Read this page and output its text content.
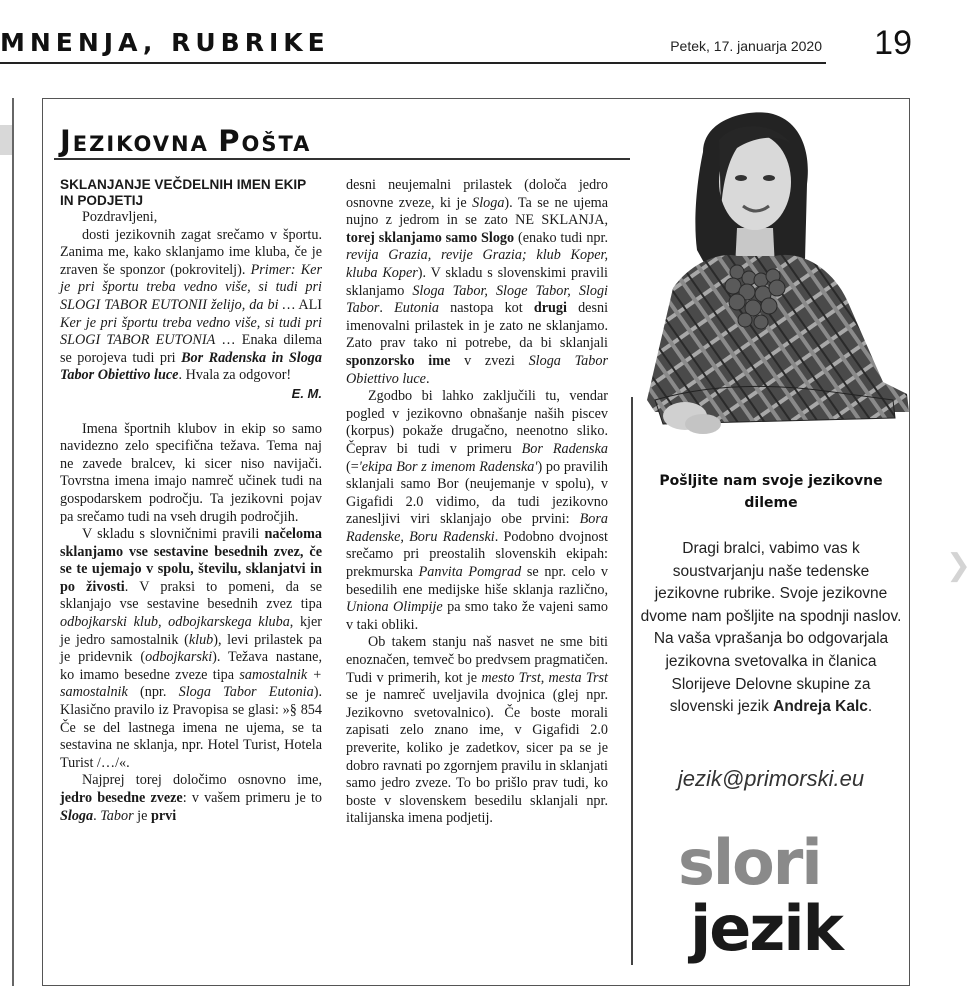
MNENJA, RUBRIKE	Petek, 17. januarja 2020 19
❯
JEZIKOVNA POŠTA

SKLANJANJE VEČDELNIH IMEN EKIP IN PODJETIJ

Pozdravljeni,

dosti jezikovnih zagat srečamo v športu. Zanima me, kako sklanjamo ime kluba, če je zraven še sponzor (pokrovitelj). Primer: Ker je pri športu treba vedno više, si tudi pri SLOGI TABOR EUTONII želijo, da bi … ALI Ker je pri športu treba vedno više, si tudi pri SLOGI TABOR EUTONIA … Enaka dilema se porojeva tudi pri Bor Radenska in Sloga Tabor Obiettivo luce. Hvala za odgovor!

E. M.

Imena športnih klubov in ekip so samo navidezno zelo specifična težava. Tema naj ne zavede bralcev, ki sicer niso navijači. Tovrstna imena imajo namreč učinek tudi na gospodarskem področju. Ta jezikovni pojav pa srečamo tudi na vseh drugih področjih.

V skladu s slovničnimi pravili načeloma sklanjamo vse sestavine besednih zvez, če se te ujemajo v spolu, številu, sklanjatvi in po živosti. V praksi to pomeni, da se sklanjajo vse sestavine besednih zvez tipa odbojkarski klub, odbojkarskega kluba, kjer je jedro samostalnik (klub), levi prilastek pa je pridevnik (odbojkarski). Težava nastane, ko imamo besedne zveze tipa samostalnik + samostalnik (npr. Sloga Tabor Eutonia). Klasično pravilo iz Pravopisa se glasi: »§ 854 Če se del lastnega imena ne ujema, se ta sestavina ne sklanja, npr. Hotel Turist, Hotela Turist /…/«.

Najprej torej določimo osnovno ime, jedro besedne zveze: v vašem primeru je to Sloga. Tabor je prvi

desni neujemalni prilastek (določa jedro osnovne zveze, ki je Sloga). Ta se ne ujema nujno z jedrom in se zato NE SKLANJA, torej sklanjamo samo Slogo (enako tudi npr. revija Grazia, revije Grazia; klub Koper, kluba Koper). V skladu s slovenskimi pravili sklanjamo Sloga Tabor, Sloge Tabor, Slogi Tabor. Eutonia nastopa kot drugi desni imenovalni prilastek in je zato ne sklanjamo. Zato prav tako ni potrebe, da bi sklanjali sponzorsko ime v zvezi Sloga Tabor Obiettivo luce.

Zgodbo bi lahko zaključili tu, vendar pogled v jezikovno obnašanje naših piscev (korpus) pokaže drugačno, neenotno sliko. Čeprav bi tudi v primeru Bor Radenska (='ekipa Bor z imenom Radenska') po pravilih sklanjali samo Bor (neujemanje v spolu), v Gigafidi 2.0 vidimo, da tudi jezikovno zanesljivi viri sklanjajo obe prvini: Bora Radenske, Boru Radenski. Podobno dvojnost srečamo pri preostalih slovenskih ekipah: prekmurska Panvita Pomgrad se npr. celo v besedilih ene medijske hiše sklanja različno, Uniona Olimpije pa smo tako že vajeni samo v taki obliki.

Ob takem stanju naš nasvet ne sme biti enoznačen, temveč bo predvsem pragmatičen. Tudi v primerih, kot je mesto Trst, mesta Trst se je namreč uveljavila dvojnica (glej npr. Jezikovno svetovalnico). Če boste morali zapisati zelo znano ime, v Gigafidi 2.0 preverite, koliko je zadetkov, sicer pa se je dobro ravnati po zgornjem pravilu in sklanjati samo jedro zveze. To bo prišlo prav tudi, ko boste v slovenskem besedilu sklanjali npr. italijanska imena podjetij.

Pošljite nam svoje jezikovne dileme
Dragi bralci, vabimo vas k soustvarjanju naše tedenske jezikovne rubrike. Svoje jezikovne dvome nam pošljite na spodnji naslov. Na vaša vprašanja bo odgovarjala jezikovna svetovalka in članica Slorijeve Delovne skupine za slovenski jezik Andreja Kalc.
jezik@primorski.eu
slori
jezik
